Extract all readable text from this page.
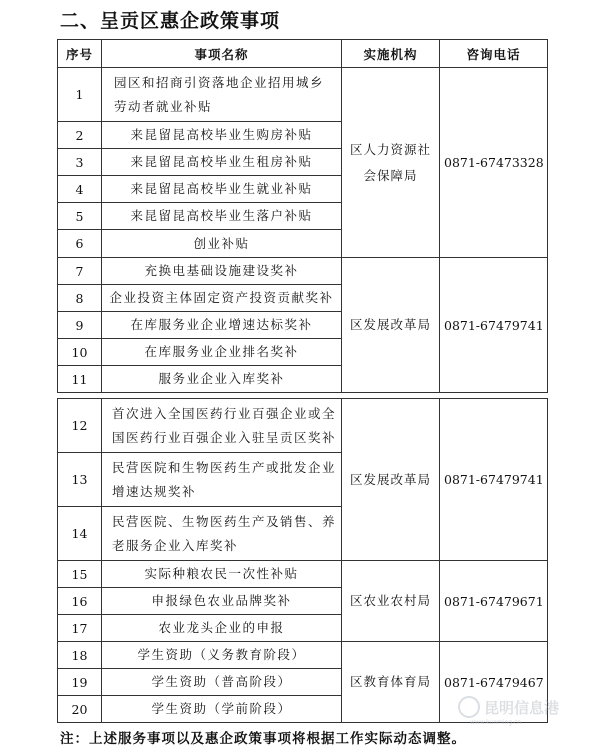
二、呈贡区惠企政策事项
序号	事项名称	实施机构	咨询电话
1	园区和招商引资落地企业招用城乡劳动者就业补贴	区人力资源社会保障局	0871-67473328
2	来昆留昆高校毕业生购房补贴		
3	来昆留昆高校毕业生租房补贴		
4	来昆留昆高校毕业生就业补贴		
5	来昆留昆高校毕业生落户补贴		
6	创业补贴		
7	充换电基础设施建设奖补	区发展改革局	0871-67479741
8	企业投资主体固定资产投资贡献奖补		
9	在库服务业企业增速达标奖补		
10	在库服务业企业排名奖补		
11	服务业企业入库奖补		
12	首次进入全国医药行业百强企业或全国医药行业百强企业入驻呈贡区奖补	区发展改革局	0871-67479741
13	民营医院和生物医药生产或批发企业增速达规奖补		
14	民营医院、生物医药生产及销售、养老服务企业入库奖补		
15	实际种粮农民一次性补贴	区农业农村局	0871-67479671
16	申报绿色农业品牌奖补		
17	农业龙头企业的申报		
18	学生资助（义务教育阶段）	区教育体育局	0871-67479467
19	学生资助（普高阶段）		
20	学生资助（学前阶段）			昆明信息港
www.kunming.cn
注：上述服务事项以及惠企政策事项将根据工作实际动态调整。
